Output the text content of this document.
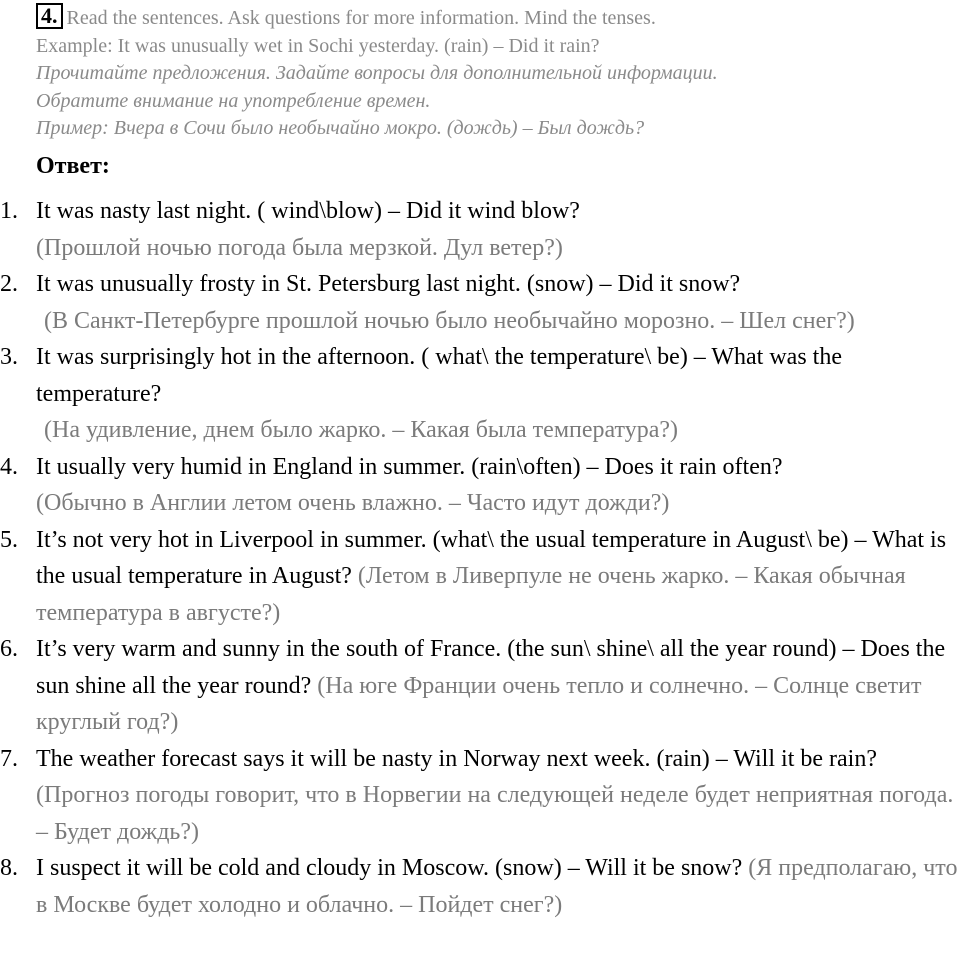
4. Read the sentences. Ask questions for more information. Mind the tenses.
Example: It was unusually wet in Sochi yesterday. (rain) – Did it rain?
Прочитайте предложения. Задайте вопросы для дополнительной информации.
Обратите внимание на употребление времен.
Пример: Вчера в Сочи было необычайно мокро. (дождь) – Был дождь?
Ответ:
1. It was nasty last night. ( wind\blow) – Did it wind blow?
(Прошлой ночью погода была мерзкой. Дул ветер?)
2. It was unusually frosty in St. Petersburg last night. (snow) – Did it snow?
(В Санкт-Петербурге прошлой ночью было необычайно морозно. – Шел снег?)
3. It was surprisingly hot in the afternoon. ( what\ the temperature\ be) – What was the temperature?
(На удивление, днем было жарко. – Какая была температура?)
4. It usually very humid in England in summer. (rain\often) – Does it rain often?
(Обычно в Англии летом очень влажно. – Часто идут дожди?)
5. It’s not very hot in Liverpool in summer. (what\ the usual temperature in August\ be) – What is the usual temperature in August? (Летом в Ливерпуле не очень жарко. – Какая обычная температура в августе?)
6. It’s very warm and sunny in the south of France. (the sun\ shine\ all the year round) – Does the sun shine all the year round? (На юге Франции очень тепло и солнечно. – Солнце светит круглый год?)
7. The weather forecast says it will be nasty in Norway next week. (rain) – Will it be rain? (Прогноз погоды говорит, что в Норвегии на следующей неделе будет неприятная погода. – Будет дождь?)
8. I suspect it will be cold and cloudy in Moscow. (snow) – Will it be snow? (Я предполагаю, что в Москве будет холодно и облачно. – Пойдет снег?)
